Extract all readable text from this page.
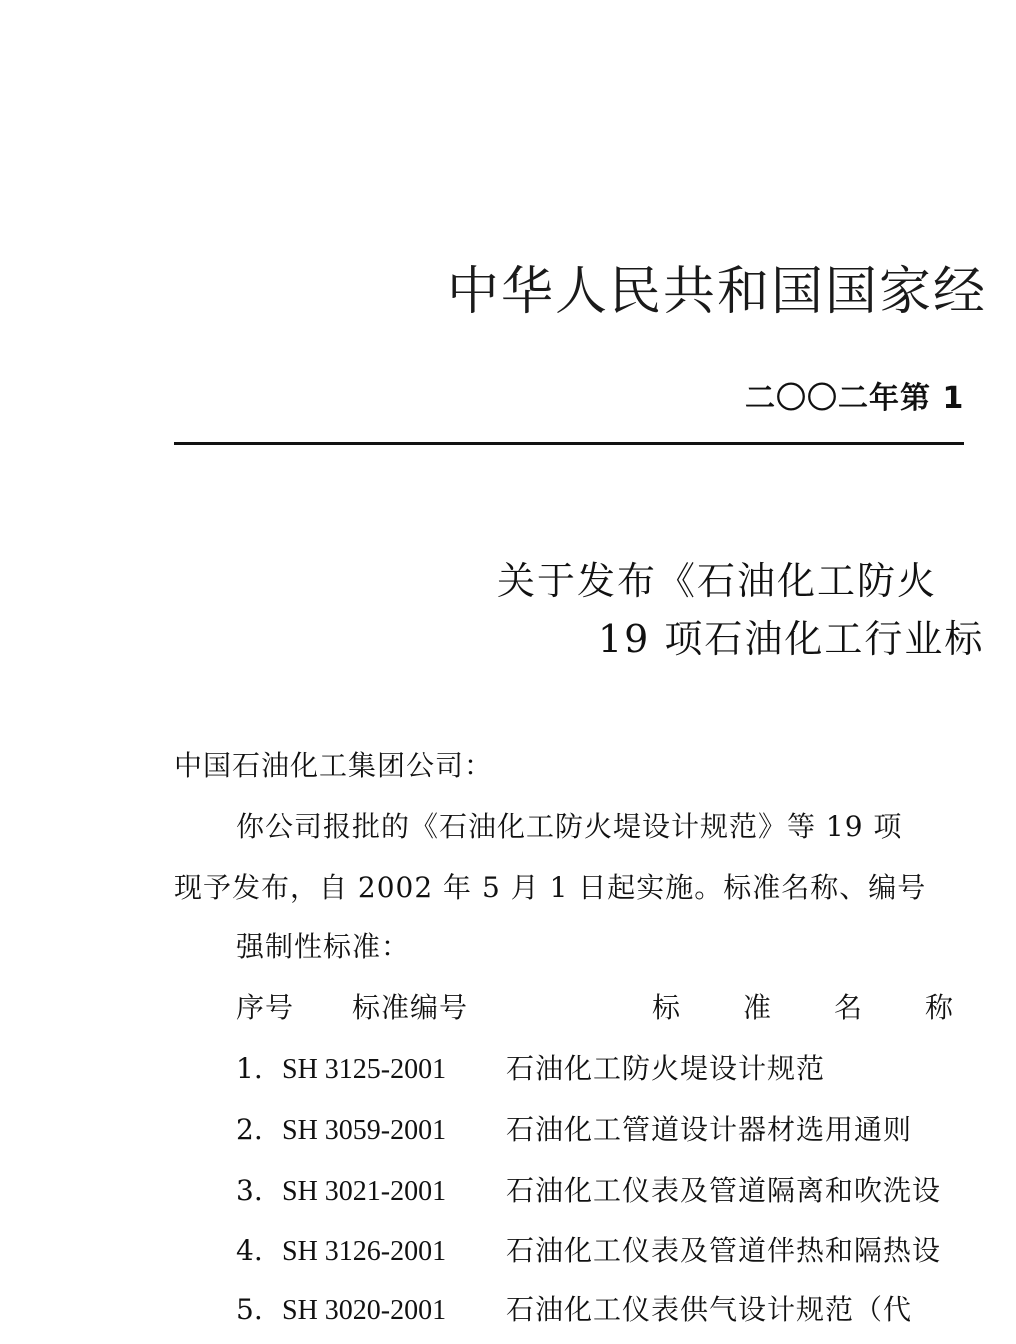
中华人民共和国国家经
二〇〇二年第 1
关于发布《石油化工防火
19 项石油化工行业标
中国石油化工集团公司：
你公司报批的《石油化工防火堤设计规范》等 19 项
现予发布，自 2002 年 5 月 1 日起实施。标准名称、编号
强制性标准：
序号 标准编号	标 准 名 称
1. SH 3125-2001 石油化工防火堤设计规范
2. SH 3059-2001 石油化工管道设计器材选用通则
3. SH 3021-2001 石油化工仪表及管道隔离和吹洗设
4. SH 3126-2001 石油化工仪表及管道伴热和隔热设
5. SH 3020-2001 石油化工仪表供气设计规范（代
